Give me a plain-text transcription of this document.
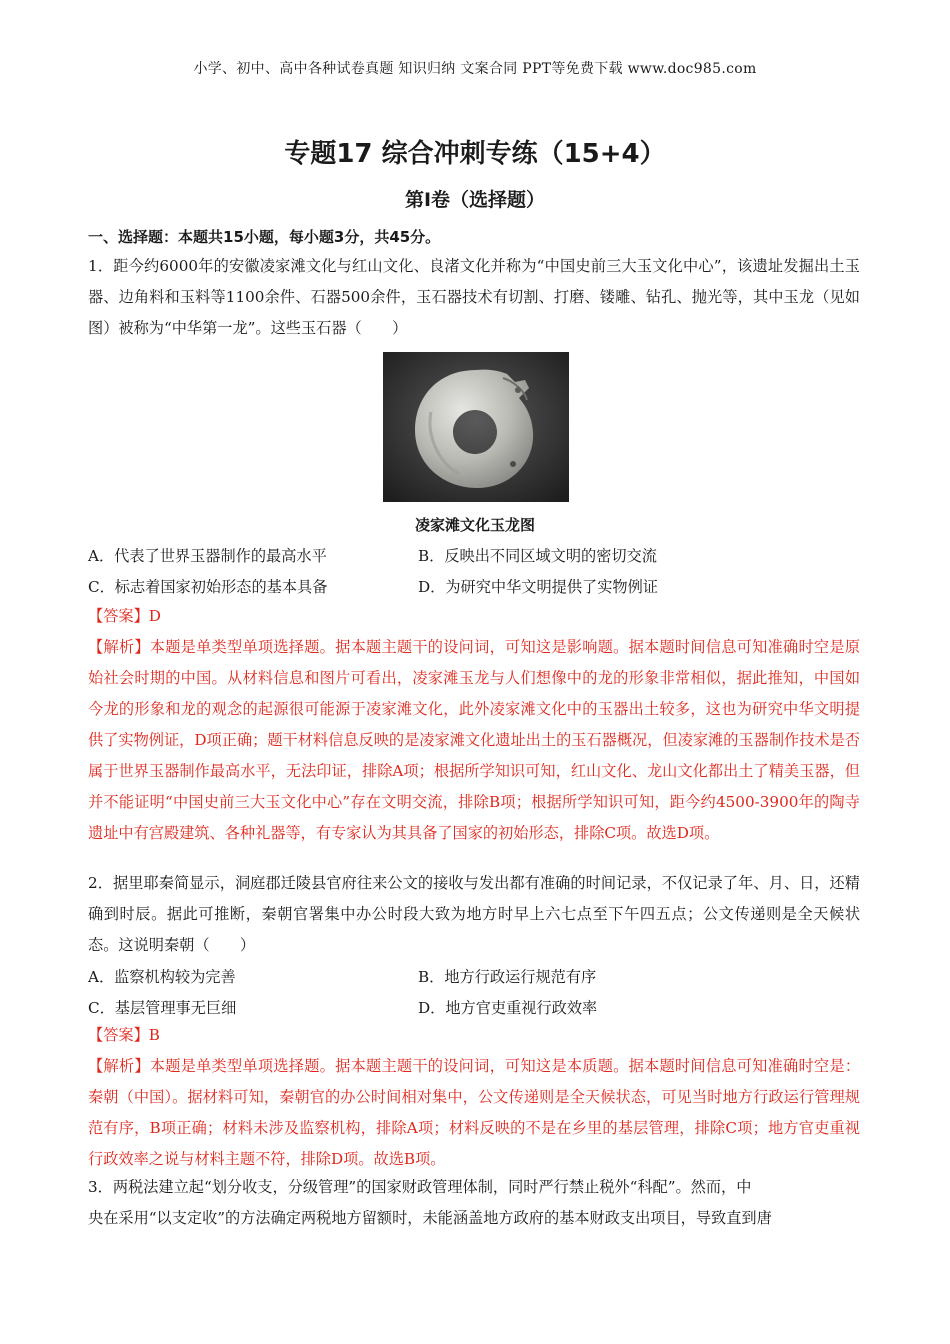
小学、初中、高中各种试卷真题 知识归纳 文案合同 PPT等免费下载 www.doc985.com
专题17 综合冲刺专练（15+4）
第I卷（选择题）
一、选择题：本题共15小题，每小题3分，共45分。

1．距今约6000年的安徽凌家滩文化与红山文化、良渚文化并称为“中国史前三大玉文化中心”，该遗址发掘出土玉器、边角料和玉料等1100余件、石器500余件，玉石器技术有切割、打磨、镂雕、钻孔、抛光等，其中玉龙（见如图）被称为“中华第一龙”。这些玉石器（　　）

凌家滩文化玉龙图
A．代表了世界玉器制作的最高水平	B．反映出不同区域文明的密切交流
C．标志着国家初始形态的基本具备	D．为研究中华文明提供了实物例证
【答案】D

【解析】本题是单类型单项选择题。据本题主题干的设问词，可知这是影响题。据本题时间信息可知准确时空是原始社会时期的中国。从材料信息和图片可看出，凌家滩玉龙与人们想像中的龙的形象非常相似，据此推知，中国如今龙的形象和龙的观念的起源很可能源于凌家滩文化，此外凌家滩文化中的玉器出土较多，这也为研究中华文明提供了实物例证，D项正确；题干材料信息反映的是凌家滩文化遗址出土的玉石器概况，但凌家滩的玉器制作技术是否属于世界玉器制作最高水平，无法印证，排除A项；根据所学知识可知，红山文化、龙山文化都出土了精美玉器，但并不能证明“中国史前三大玉文化中心”存在文明交流，排除B项；根据所学知识可知，距今约4500-3900年的陶寺遗址中有宫殿建筑、各种礼器等，有专家认为其具备了国家的初始形态，排除C项。故选D项。

2．据里耶秦简显示，洞庭郡迁陵县官府往来公文的接收与发出都有准确的时间记录，不仅记录了年、月、日，还精确到时辰。据此可推断，秦朝官署集中办公时段大致为地方时早上六七点至下午四五点；公文传递则是全天候状态。这说明秦朝（　　）

A．监察机构较为完善	B．地方行政运行规范有序
C．基层管理事无巨细	D．地方官吏重视行政效率
【答案】B

【解析】本题是单类型单项选择题。据本题主题干的设问词，可知这是本质题。据本题时间信息可知准确时空是：秦朝（中国）。据材料可知，秦朝官的办公时间相对集中，公文传递则是全天候状态，可见当时地方行政运行管理规范有序，B项正确；材料未涉及监察机构，排除A项；材料反映的不是在乡里的基层管理，排除C项；地方官吏重视行政效率之说与材料主题不符，排除D项。故选B项。

3．两税法建立起“划分收支，分级管理”的国家财政管理体制，同时严行禁止税外“科配”。然而，中
央在采用“以支定收”的方法确定两税地方留额时，未能涵盖地方政府的基本财政支出项目，导致直到唐
